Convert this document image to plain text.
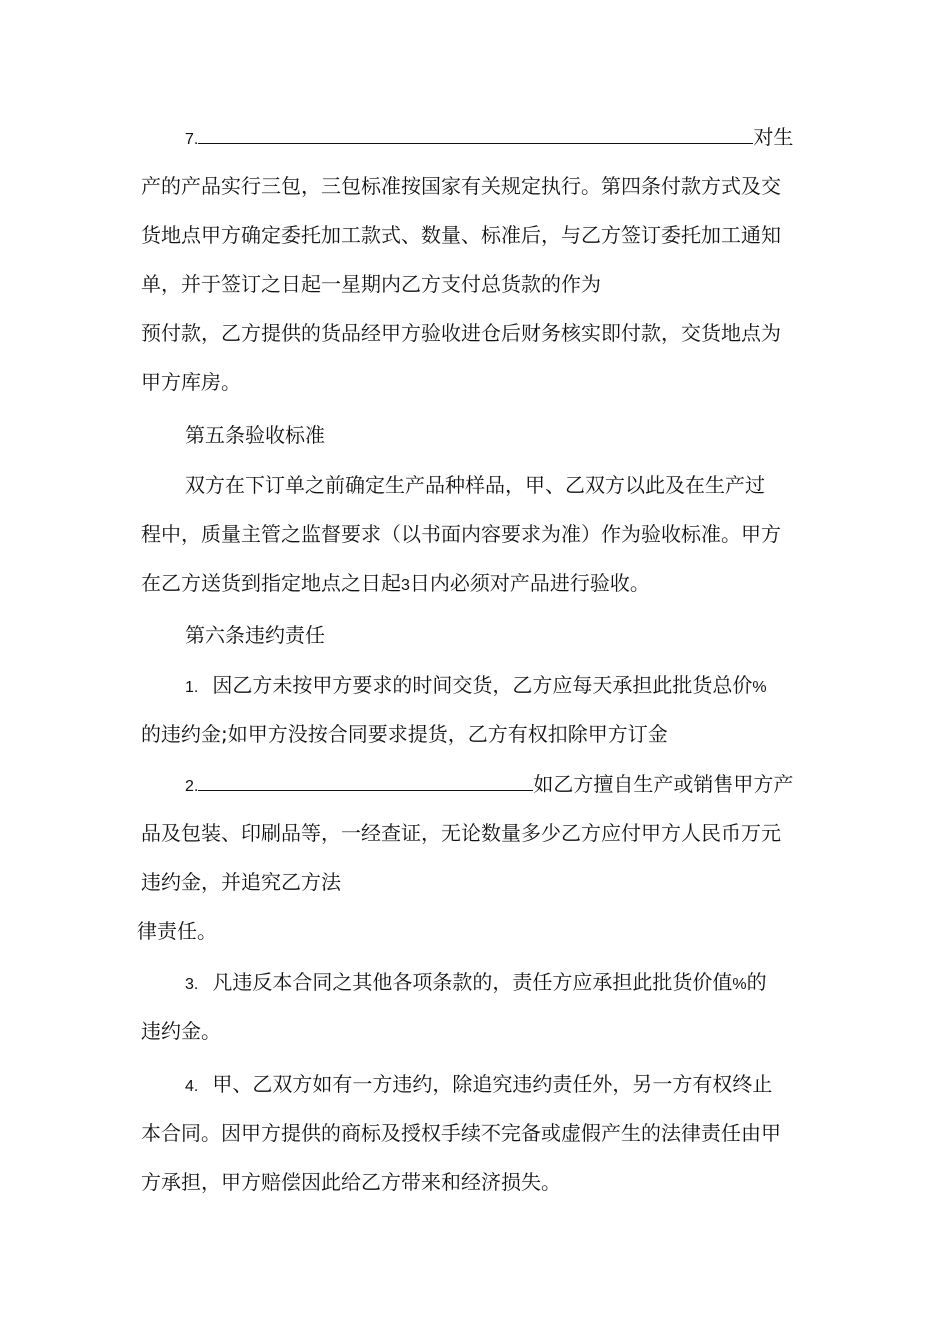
7.	对生
产的产品实行三包，三包标准按国家有关规定执行。第四条付款方式及交
货地点甲方确定委托加工款式、数量、标准后，与乙方签订委托加工通知
单，并于签订之日起一星期内乙方支付总货款的作为
预付款，乙方提供的货品经甲方验收进仓后财务核实即付款，交货地点为
甲方库房。
第五条验收标准
双方在下订单之前确定生产品种样品，甲、乙双方以此及在生产过
程中，质量主管之监督要求（以书面内容要求为准）作为验收标准。甲方
在乙方送货到指定地点之日起3日内必须对产品进行验收。
第六条违约责任
1. 因乙方未按甲方要求的时间交货，乙方应每天承担此批货总价%
的违约金;如甲方没按合同要求提货，乙方有权扣除甲方订金
2.	如乙方擅自生产或销售甲方产
品及包装、印刷品等，一经查证，无论数量多少乙方应付甲方人民币万元
违约金，并追究乙方法
律责任。
3. 凡违反本合同之其他各项条款的，责任方应承担此批货价值%的
违约金。
4. 甲、乙双方如有一方违约，除追究违约责任外，另一方有权终止
本合同。因甲方提供的商标及授权手续不完备或虚假产生的法律责任由甲
方承担，甲方赔偿因此给乙方带来和经济损失。
